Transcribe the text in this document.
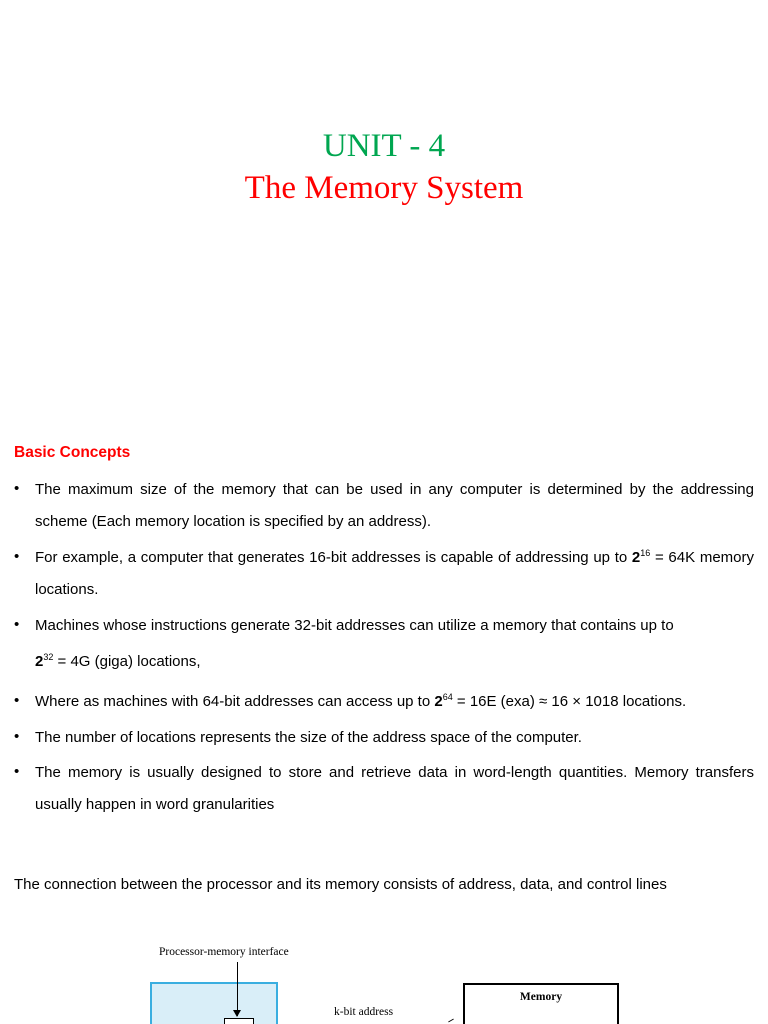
UNIT - 4
The Memory System
Basic Concepts
• The maximum size of the memory that can be used in any computer is determined by the addressing scheme (Each memory location is specified by an address).
• For example, a computer that generates 16-bit addresses is capable of addressing up to $2^{16} = 64K$ memory locations.
• Machines whose instructions generate 32-bit addresses can utilize a memory that contains up to
$2^{32} = 4G$ (giga) locations,
• Where as machines with 64-bit addresses can access up to $2^{64} = 16E$ (exa) ≈ 16 × 1018 locations.
• The number of locations represents the size of the address space of the computer.
• The memory is usually designed to store and retrieve data in word-length quantities. Memory transfers usually happen in word granularities
The connection between the processor and its memory consists of address, data, and control lines
Processor-memory interface
k-bit address
Memory
